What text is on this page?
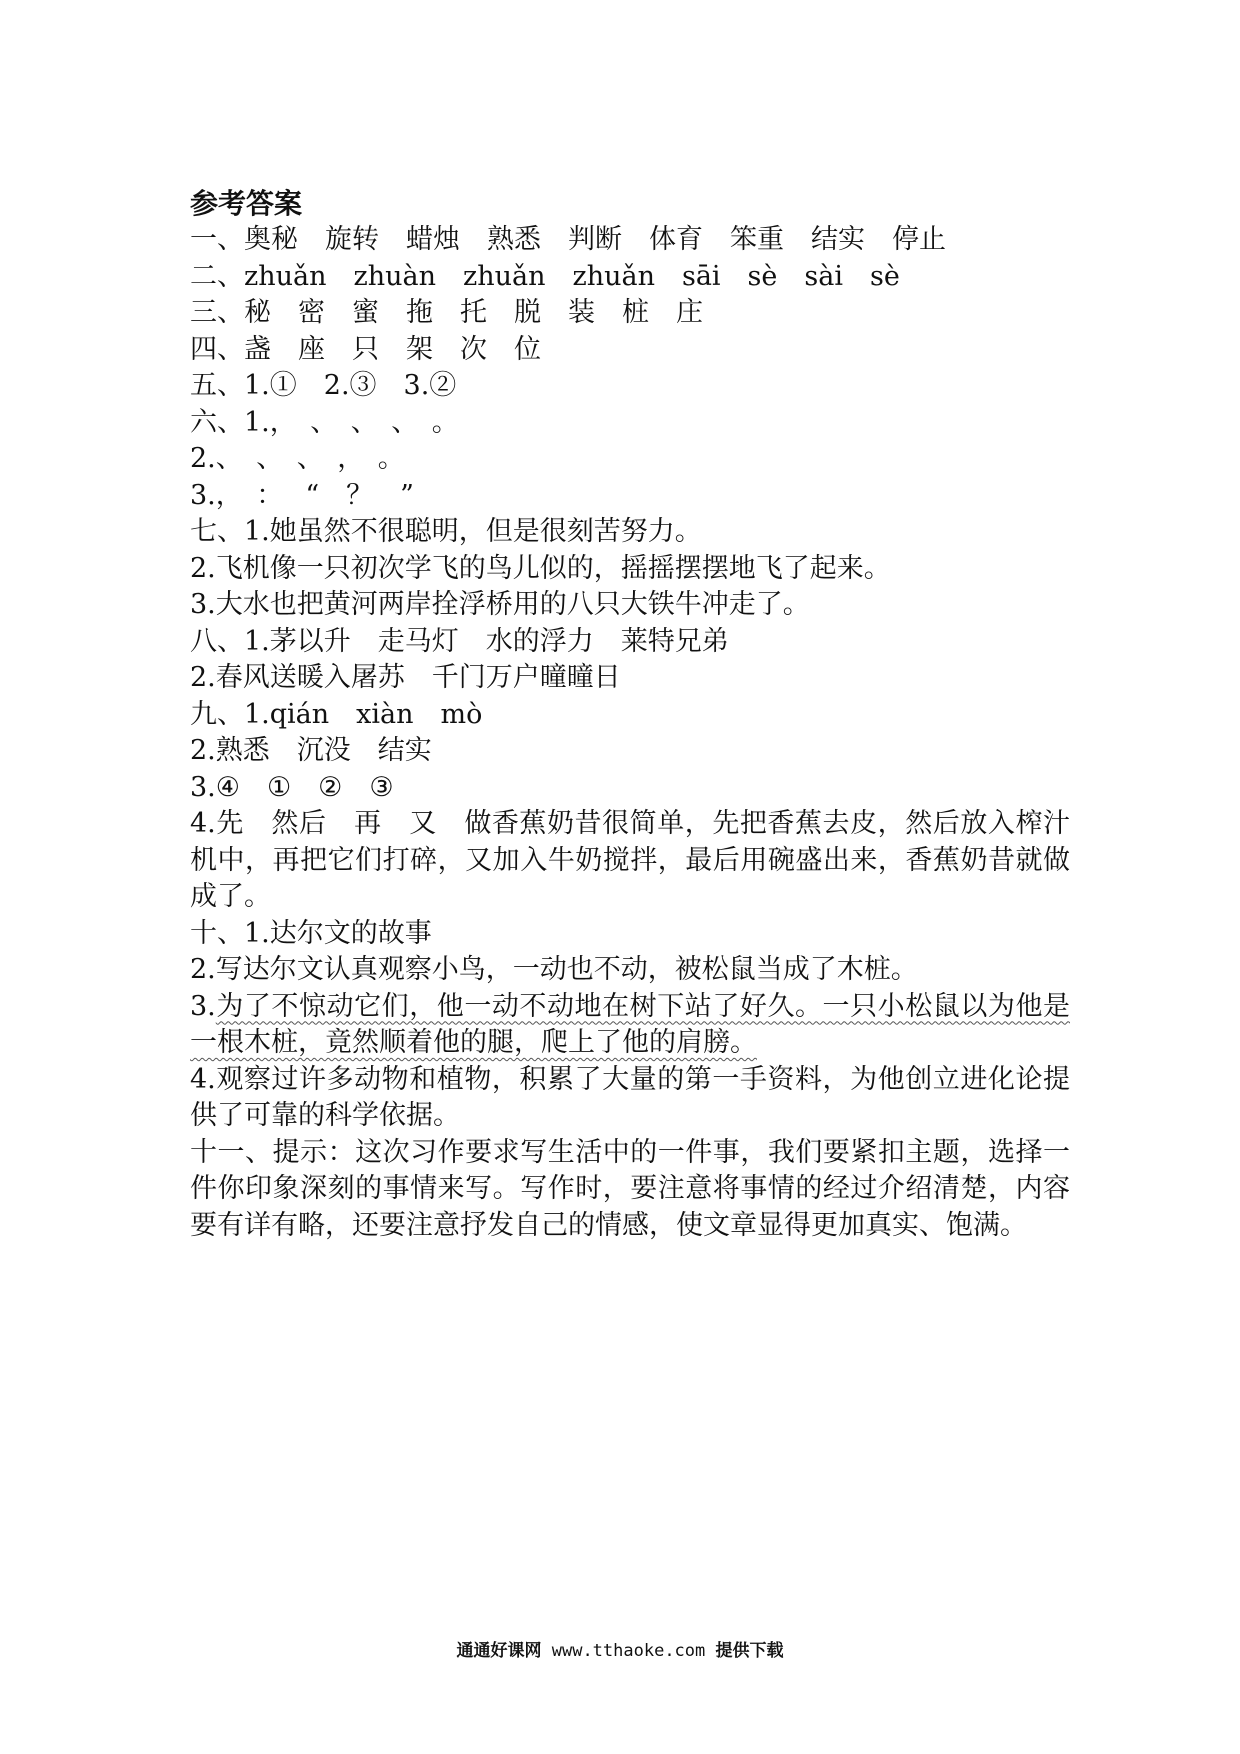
参考答案

一、奥秘　旋转　蜡烛　熟悉　判断　体育　笨重　结实　停止

二、zhuǎn　zhuàn　zhuǎn　zhuǎn　sāi　sè　sài　sè

三、秘　密　蜜　拖　托　脱　装　桩　庄

四、盏　座　只　架　次　位

五、1.①　2.③　3.②

六、1.，　、　、　、　。

2.、　、　、　，　。

3.，　：　 “　？　”

七、1.她虽然不很聪明，但是很刻苦努力。

2.飞机像一只初次学飞的鸟儿似的，摇摇摆摆地飞了起来。

3.大水也把黄河两岸拴浮桥用的八只大铁牛冲走了。

八、1.茅以升　走马灯　水的浮力　莱特兄弟

2.春风送暖入屠苏　千门万户曈曈日

九、1.qián　xiàn　mò

2.熟悉　沉没　结实

3.④　①　②　③

4.先　然后　再　又　做香蕉奶昔很简单，先把香蕉去皮，然后放入榨汁机中，再把它们打碎，又加入牛奶搅拌，最后用碗盛出来，香蕉奶昔就做成了。

十、1.达尔文的故事

2.写达尔文认真观察小鸟，一动也不动，被松鼠当成了木桩。

3.为了不惊动它们，他一动不动地在树下站了好久。一只小松鼠以为他是一根木桩，竟然顺着他的腿，爬上了他的肩膀。

4.观察过许多动物和植物，积累了大量的第一手资料，为他创立进化论提供了可靠的科学依据。

十一、提示：这次习作要求写生活中的一件事，我们要紧扣主题，选择一件你印象深刻的事情来写。写作时，要注意将事情的经过介绍清楚，内容要有详有略，还要注意抒发自己的情感，使文章显得更加真实、饱满。

通通好课网 www.tthaoke.com 提供下载
